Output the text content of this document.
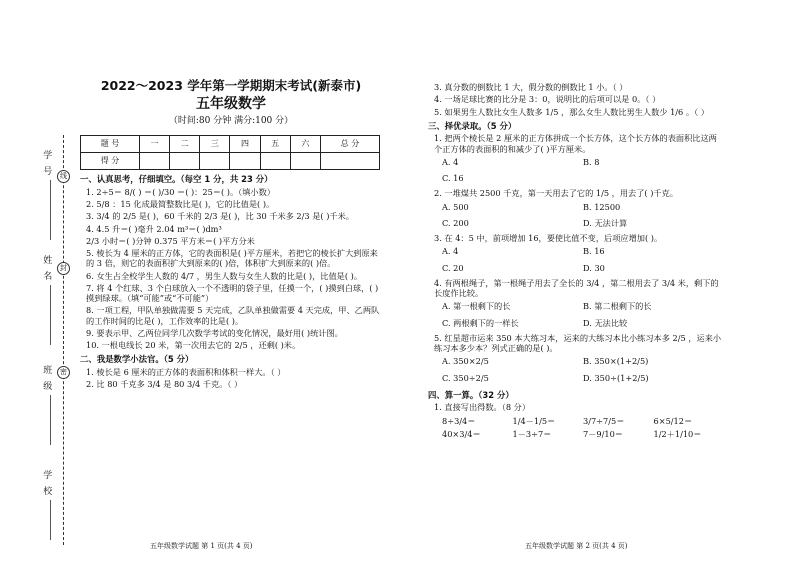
学 号
姓 名
班 级
学 校
线
封
密
2022～2023 学年第一学期期末考试(新泰市)
五年级数学
（时间:80 分钟 满分:100 分）
题 号	一	二	三	四	五	六	总 分
得 分							
一、认真思考，仔细填空。（每空 1 分，共 23 分）
1. 2÷5＝ 8/( ) ＝( )/30 ＝( )：25＝( )。（填小数）
2. 5/8 ：15 化成最简整数比是( )，它的比值是( )。
3. 3/4 的 2/5 是( )，60 千米的 2/3 是( )，比 30 千米多 2/3 是( )千米。
4. 4.5 升＝( )毫升 2.04 m³＝( )dm³
2/3 小时＝( )分钟 0.375 平方米＝( )平方分米
5. 棱长为 4 厘米的正方体，它的表面积是( )平方厘米，若把它的棱长扩大到原来的 3 倍，则它的表面积扩大到原来的( )倍，体积扩大到原来的( )倍。
6. 女生占全校学生人数的 4/7 ，男生人数与女生人数的比是( )，比值是( )。
7. 将 4 个红球、3 个白球放入一个不透明的袋子里，任摸一个，( )摸到白球，( )摸到绿球。（填“可能”或“不可能”）
8. 一项工程，甲队单独做需要 5 天完成，乙队单独做需要 4 天完成，甲、乙两队的工作时间的比是( )，工作效率的比是( )。
9. 要表示甲、乙两位同学几次数学考试的变化情况，最好用( )统计图。
10. 一根电线长 20 米，第一次用去它的 2/5 ，还剩( )米。
二、我是数学小法官。（5 分）
1. 棱长是 6 厘米的正方体的表面积和体积一样大。（ ）
2. 比 80 千克多 3/4 是 80 3/4 千克。（ ）
五年级数学试题 第 1 页(共 4 页)
3. 真分数的倒数比 1 大，假分数的倒数比 1 小。（ ）
4. 一场足球比赛的比分是 3：0，说明比的后项可以是 0。（ ）
5. 如果男生人数比女生人数多 1/5 ，那么女生人数比男生人数少 1/6 。（ ）
三、择优录取。（5 分）
1. 把两个棱长是 2 厘米的正方体拼成一个长方体，这个长方体的表面积比这两个正方体的表面积的和减少了( )平方厘米。
A. 4	B. 8
C. 16
2. 一堆煤共 2500 千克，第一天用去了它的 1/5 ，用去了( )千克。
A. 500	B. 12500
C. 200	D. 无法计算
3. 在 4：5 中，前项增加 16，要使比值不变，后项应增加( )。
A. 4	B. 16
C. 20	D. 30
4. 有两根绳子，第一根绳子用去了全长的 3/4 ，第二根用去了 3/4 米，剩下的长度作比较。
A. 第一根剩下的长	B. 第二根剩下的长
C. 两根剩下的一样长	D. 无法比较
5. 红星超市运来 350 本大练习本，运来的大练习本比小练习本多 2/5 ，运来小练习本多少本？列式正确的是( )。
A. 350×2/5	B. 350×(1+2/5)
C. 350÷2/5	D. 350÷(1+2/5)
四、算一算。（32 分）
1. 直接写出得数。（8 分）
8÷3/4＝	1/4－1/5＝	3/7÷7/5＝	6×5/12＝
40×3/4＝	1－3÷7＝	7－9/10＝	1/2＋1/10＝
五年级数学试题 第 2 页(共 4 页)
